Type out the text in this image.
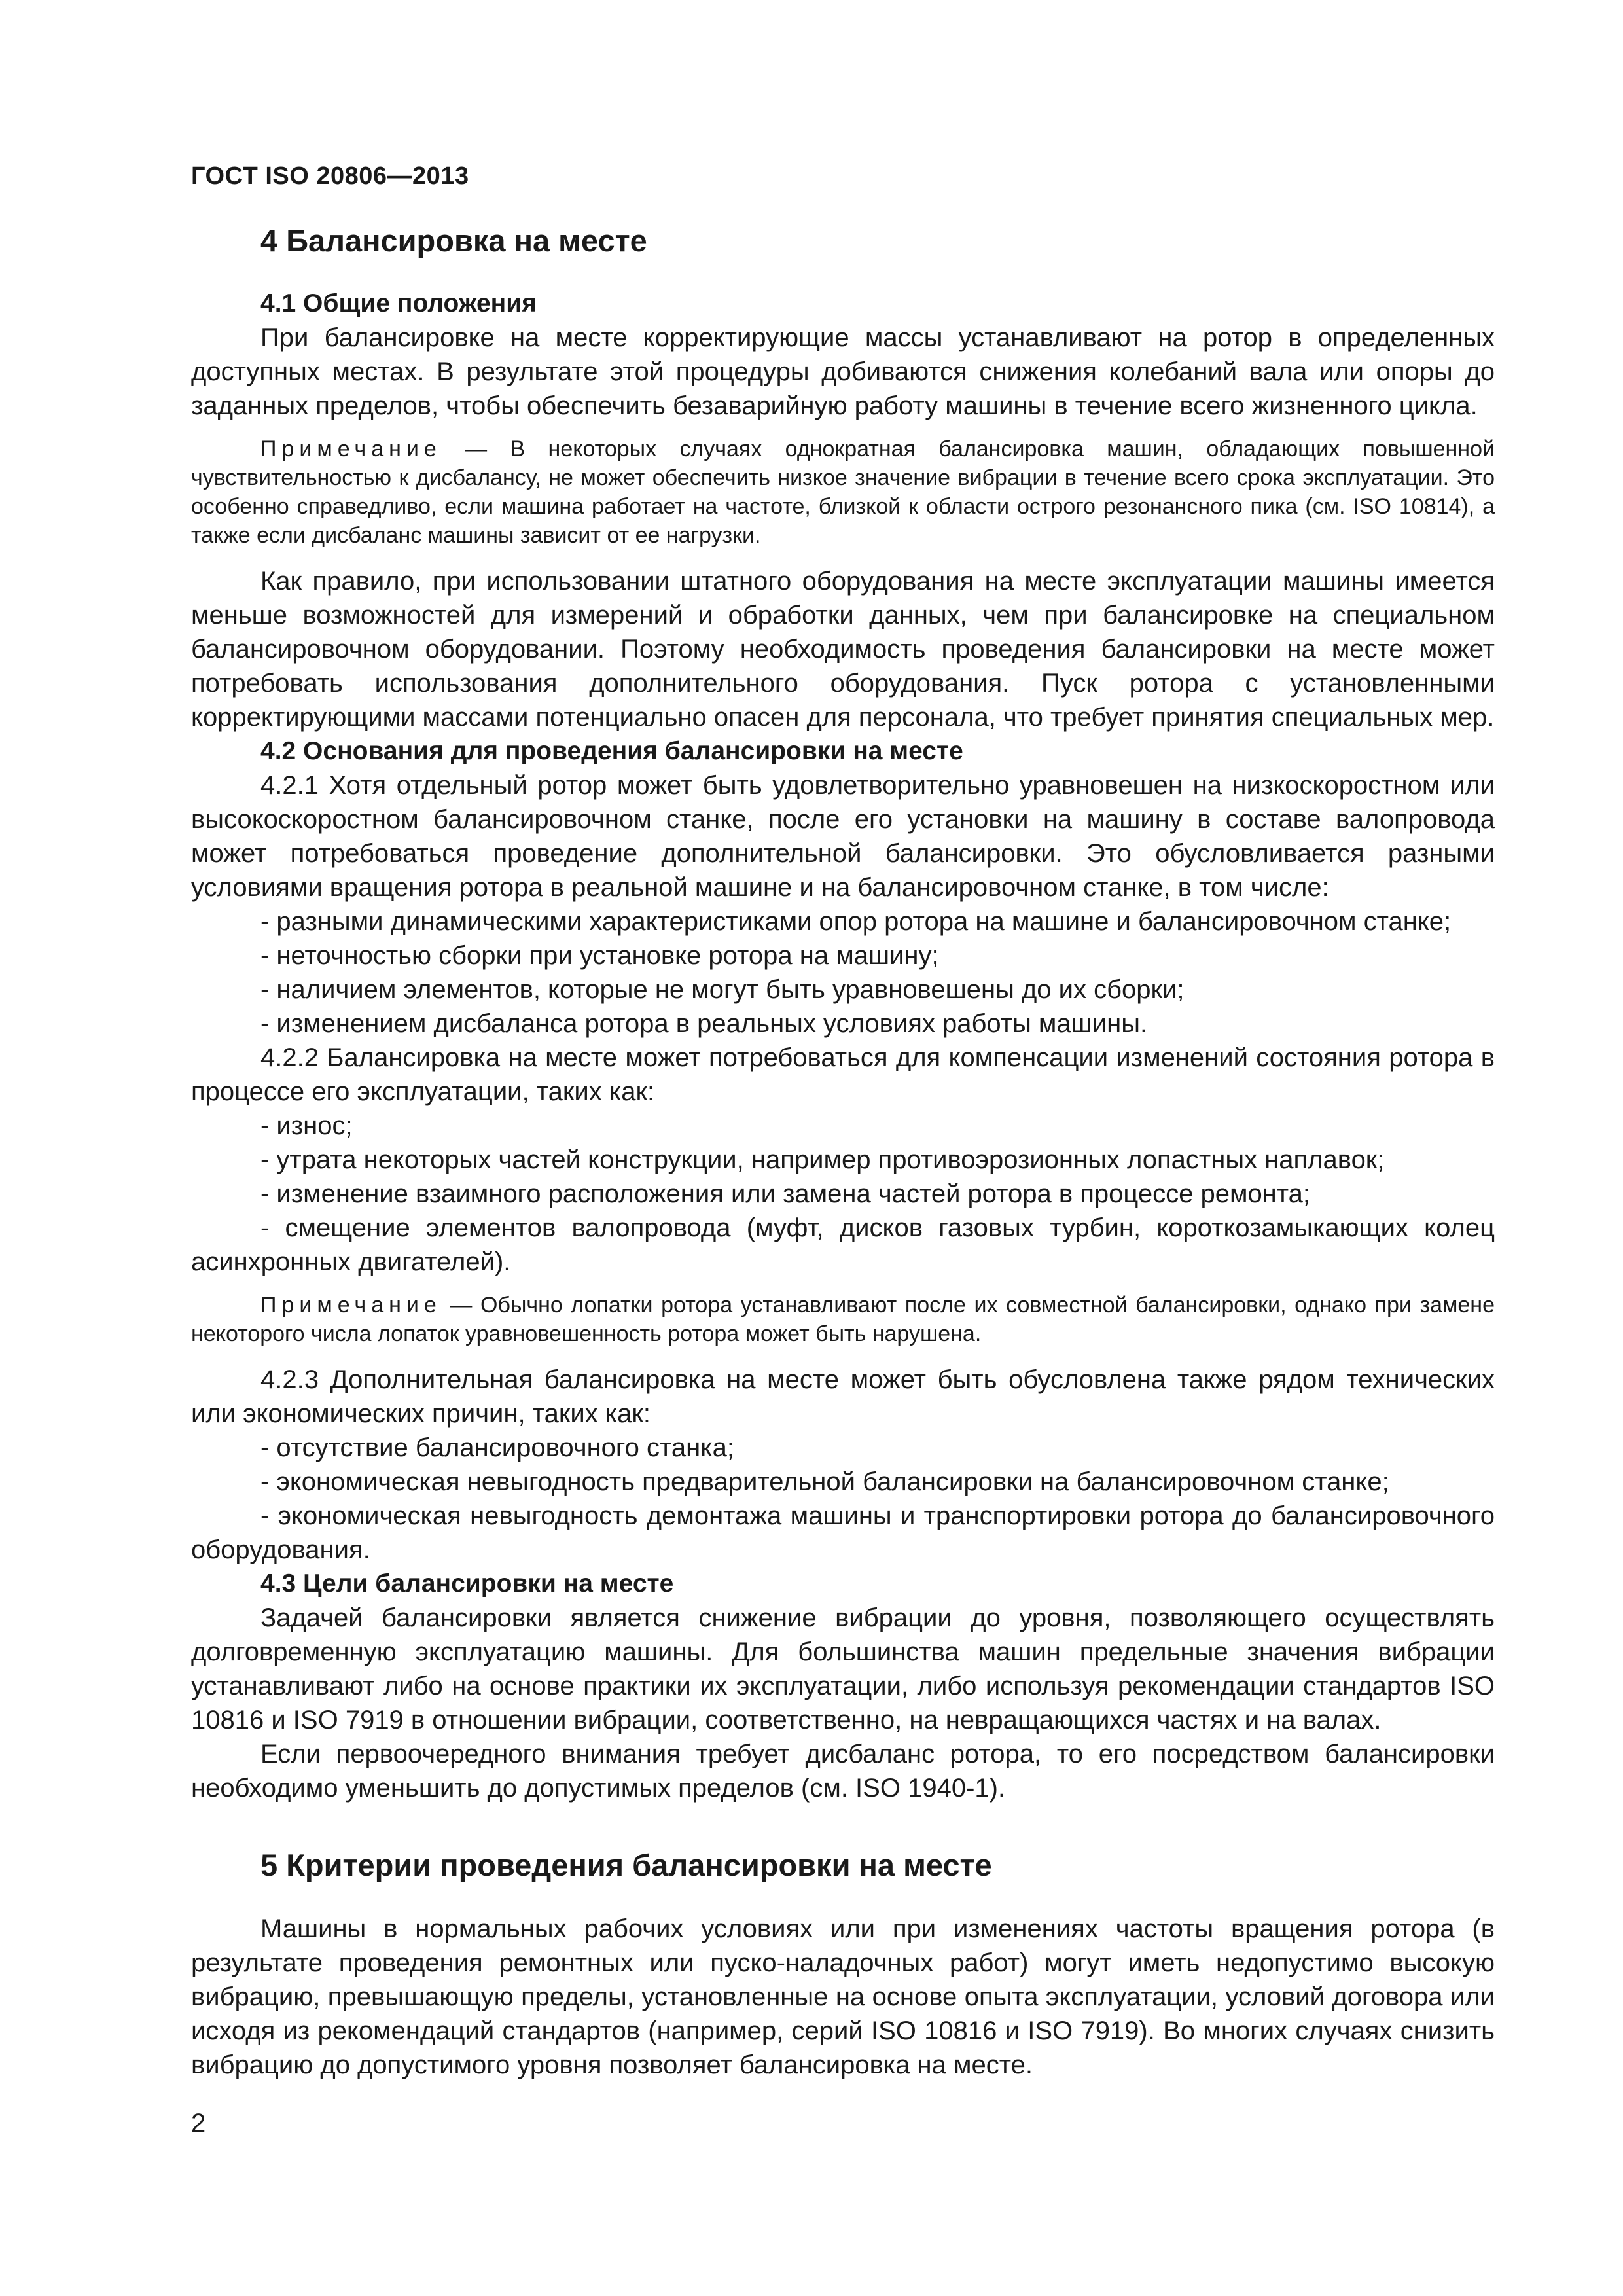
ГОСТ ISO 20806—2013
4 Балансировка на месте
4.1 Общие положения

При балансировке на месте корректирующие массы устанавливают на ротор в определенных доступных местах. В результате этой процедуры добиваются снижения колебаний вала или опоры до заданных пределов, чтобы обеспечить безаварийную работу машины в течение всего жизненного цикла.

Примечание — В некоторых случаях однократная балансировка машин, обладающих повышенной чувствительностью к дисбалансу, не может обеспечить низкое значение вибрации в течение всего срока эксплуатации. Это особенно справедливо, если машина работает на частоте, близкой к области острого резонансного пика (см. ISO 10814), а также если дисбаланс машины зависит от ее нагрузки.

Как правило, при использовании штатного оборудования на месте эксплуатации машины имеется меньше возможностей для измерений и обработки данных, чем при балансировке на специальном балансировочном оборудовании. Поэтому необходимость проведения балансировки на месте может потребовать использования дополнительного оборудования. Пуск ротора с установленными корректирующими массами потенциально опасен для персонала, что требует принятия специальных мер.

4.2 Основания для проведения балансировки на месте

4.2.1 Хотя отдельный ротор может быть удовлетворительно уравновешен на низкоскоростном или высокоскоростном балансировочном станке, после его установки на машину в составе валопровода может потребоваться проведение дополнительной балансировки. Это обусловливается разными условиями вращения ротора в реальной машине и на балансировочном станке, в том числе:

- разными динамическими характеристиками опор ротора на машине и балансировочном станке;

- неточностью сборки при установке ротора на машину;

- наличием элементов, которые не могут быть уравновешены до их сборки;

- изменением дисбаланса ротора в реальных условиях работы машины.

4.2.2 Балансировка на месте может потребоваться для компенсации изменений состояния ротора в процессе его эксплуатации, таких как:

- износ;

- утрата некоторых частей конструкции, например противоэрозионных лопастных наплавок;

- изменение взаимного расположения или замена частей ротора в процессе ремонта;

- смещение элементов валопровода (муфт, дисков газовых турбин, короткозамыкающих колец асинхронных двигателей).

Примечание — Обычно лопатки ротора устанавливают после их совместной балансировки, однако при замене некоторого числа лопаток уравновешенность ротора может быть нарушена.

4.2.3 Дополнительная балансировка на месте может быть обусловлена также рядом технических или экономических причин, таких как:

- отсутствие балансировочного станка;

- экономическая невыгодность предварительной балансировки на балансировочном станке;

- экономическая невыгодность демонтажа машины и транспортировки ротора до балансировочного оборудования.

4.3 Цели балансировки на месте

Задачей балансировки является снижение вибрации до уровня, позволяющего осуществлять долговременную эксплуатацию машины. Для большинства машин предельные значения вибрации устанавливают либо на основе практики их эксплуатации, либо используя рекомендации стандартов ISO 10816 и ISO 7919 в отношении вибрации, соответственно, на невращающихся частях и на валах.

Если первоочередного внимания требует дисбаланс ротора, то его посредством балансировки необходимо уменьшить до допустимых пределов (см. ISO 1940-1).

5 Критерии проведения балансировки на месте

Машины в нормальных рабочих условиях или при изменениях частоты вращения ротора (в результате проведения ремонтных или пуско-наладочных работ) могут иметь недопустимо высокую вибрацию, превышающую пределы, установленные на основе опыта эксплуатации, условий договора или исходя из рекомендаций стандартов (например, серий ISO 10816 и ISO 7919). Во многих случаях снизить вибрацию до допустимого уровня позволяет балансировка на месте.

2
